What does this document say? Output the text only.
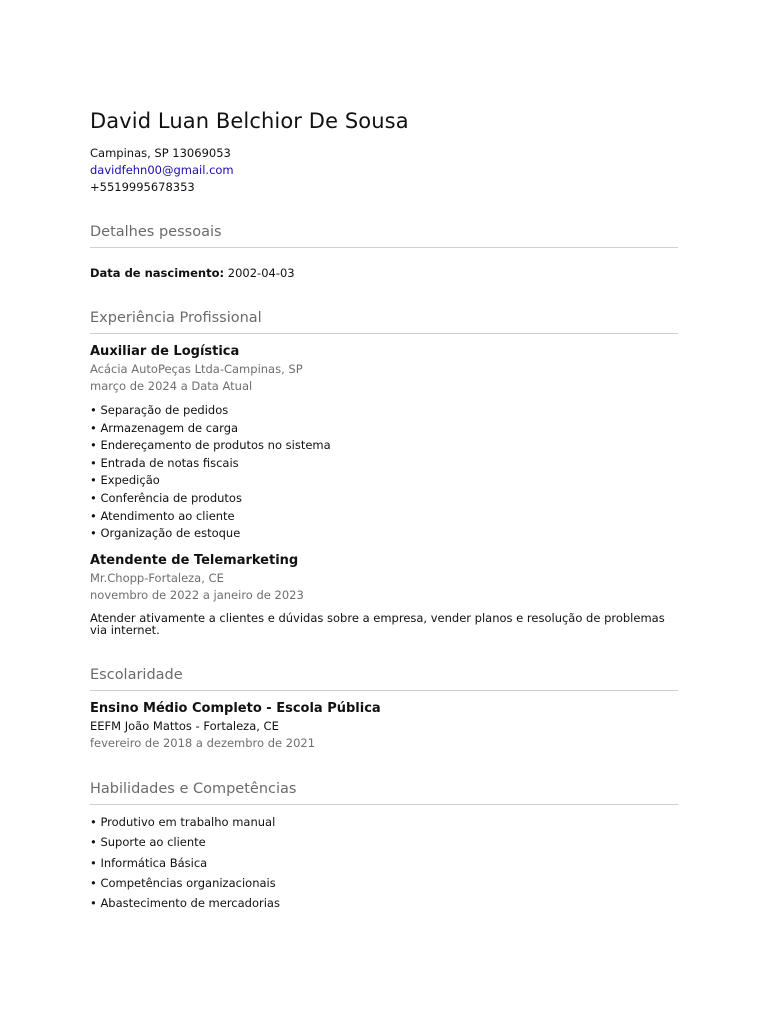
David Luan Belchior De Sousa
Campinas, SP 13069053
davidfehn00@gmail.com
+5519995678353
Detalhes pessoais
Data de nascimento: 2002-04-03
Experiência Profissional
Auxiliar de Logística
Acácia AutoPeças Ltda-Campinas, SP
março de 2024 a Data Atual
• Separação de pedidos
• Armazenagem de carga
• Endereçamento de produtos no sistema
• Entrada de notas fiscais
• Expedição
• Conferência de produtos
• Atendimento ao cliente
• Organização de estoque
Atendente de Telemarketing
Mr.Chopp-Fortaleza, CE
novembro de 2022 a janeiro de 2023
Atender ativamente a clientes e dúvidas sobre a empresa, vender planos e resolução de problemas via internet.
Escolaridade
Ensino Médio Completo - Escola Pública
EEFM João Mattos - Fortaleza, CE
fevereiro de 2018 a dezembro de 2021
Habilidades e Competências
• Produtivo em trabalho manual
• Suporte ao cliente
• Informática Básica
• Competências organizacionais
• Abastecimento de mercadorias
